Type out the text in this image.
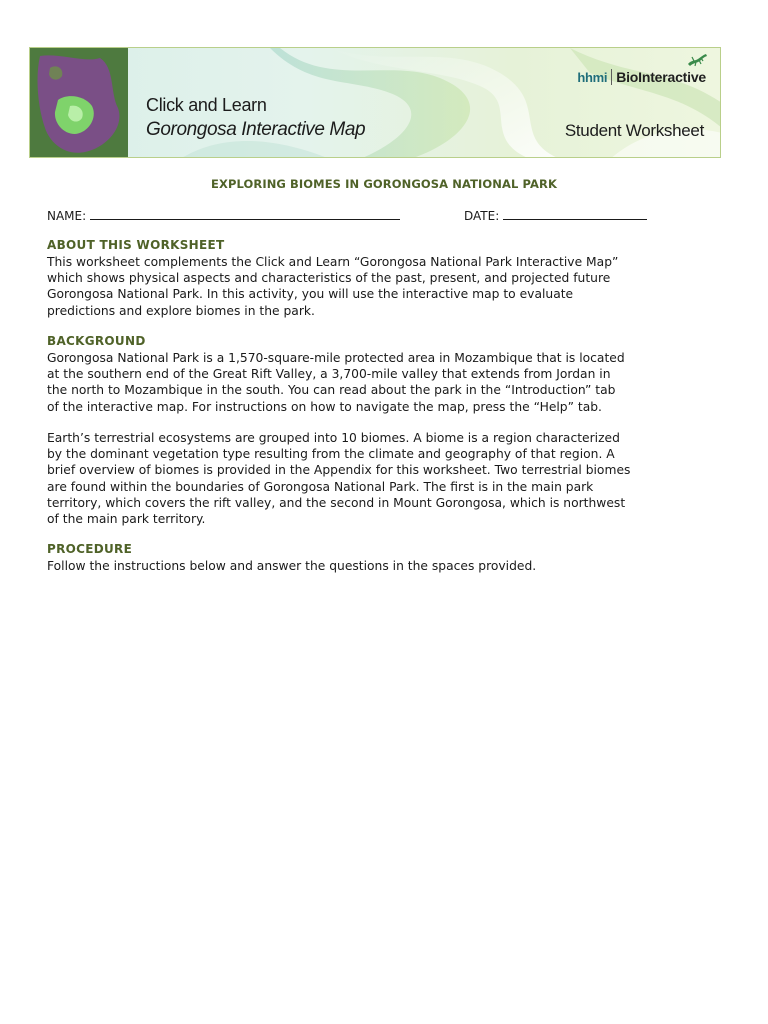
Click and Learn
Gorongosa Interactive Map
hhmi BioInteractive
Student Worksheet
EXPLORING BIOMES IN GORONGOSA NATIONAL PARK
NAME:	DATE:
ABOUT THIS WORKSHEET
This worksheet complements the Click and Learn “Gorongosa National Park Interactive Map”
which shows physical aspects and characteristics of the past, present, and projected future
Gorongosa National Park. In this activity, you will use the interactive map to evaluate
predictions and explore biomes in the park.
BACKGROUND
Gorongosa National Park is a 1,570-square-mile protected area in Mozambique that is located
at the southern end of the Great Rift Valley, a 3,700-mile valley that extends from Jordan in
the north to Mozambique in the south. You can read about the park in the “Introduction” tab
of the interactive map. For instructions on how to navigate the map, press the “Help” tab.
Earth’s terrestrial ecosystems are grouped into 10 biomes. A biome is a region characterized
by the dominant vegetation type resulting from the climate and geography of that region. A
brief overview of biomes is provided in the Appendix for this worksheet. Two terrestrial biomes
are found within the boundaries of Gorongosa National Park. The first is in the main park
territory, which covers the rift valley, and the second in Mount Gorongosa, which is northwest
of the main park territory.
PROCEDURE
Follow the instructions below and answer the questions in the spaces provided.
